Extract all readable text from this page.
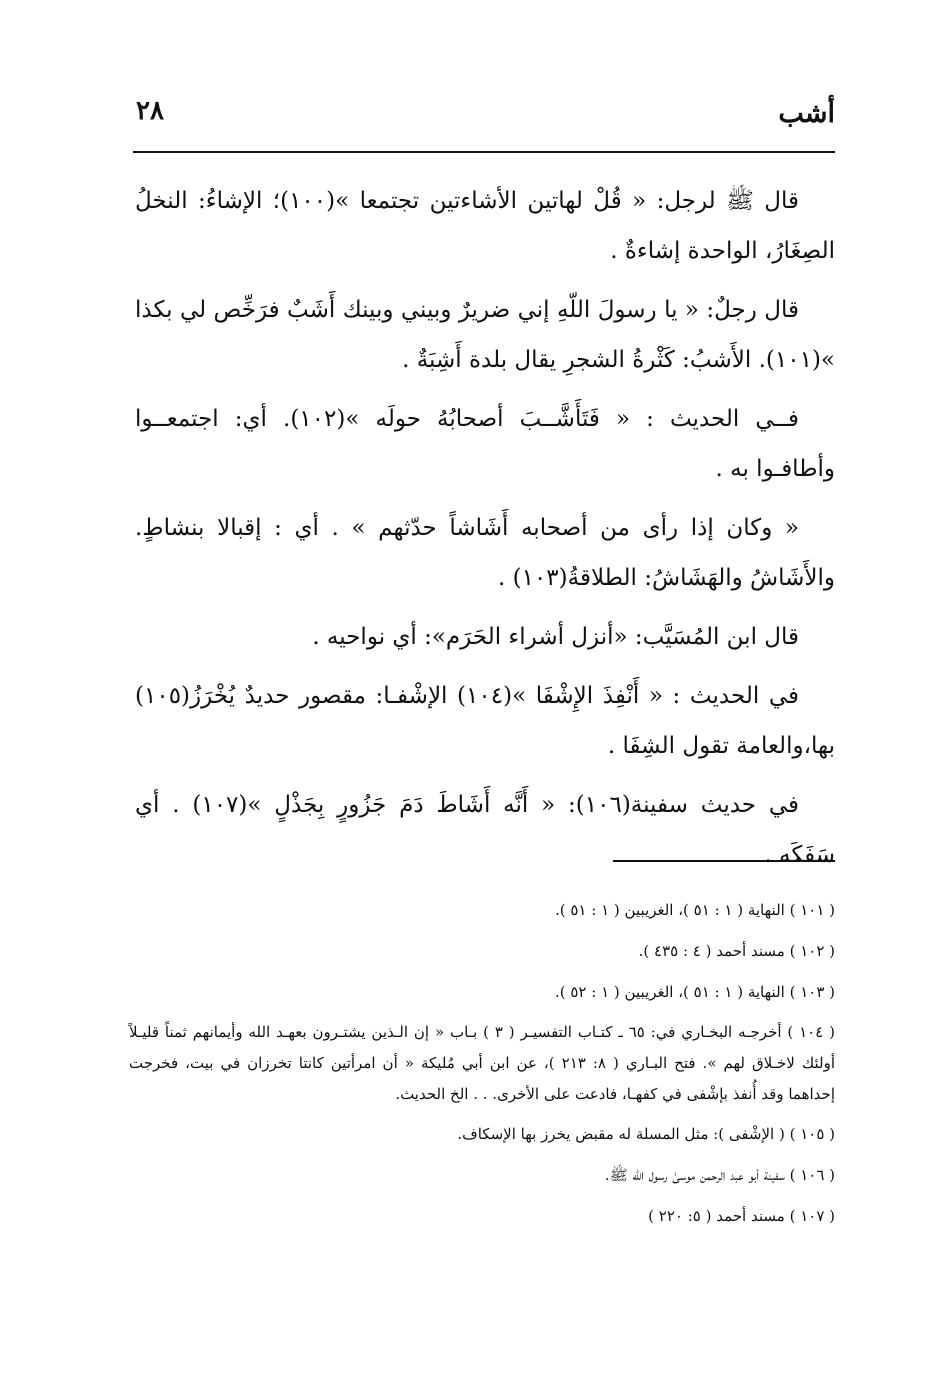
أشب
٢٨

قال ﷺ لرجل: « قُلْ لهاتين الأشاءتين تجتمعا »(١٠٠)؛ الإشاءُ: النخلُ الصِغَارُ، الواحدة إشاءةٌ .

قال رجلٌ: « يا رسولَ اللّهِ إني ضريرٌ وبيني وبينك أَشَبٌ فرَخِّص لي بكذا »(١٠١). الأَشبُ: كَثْرةُ الشجرِ يقال بلدة أَشِبَةٌ .

فــي الحديث : « فَتَأَشَّــبَ أصحابُهُ حولَه »(١٠٢). أي: اجتمعــوا وأطافـوا به .

« وكان إذا رأى من أصحابه أَشَاشاً حدّثهم » . أي : إقبالا بنشاطٍ. والأَشَاشُ والهَشَاشُ: الطلاقةُ(١٠٣) .

قال ابن المُسَيَّب: «أنزل أشراء الحَرَم»: أي نواحيه .

في الحديث : « أَنْفِذَ الإِشْفَا »(١٠٤) الإشْفـا: مقصور حديدٌ يُخْرَزُ(١٠٥) بها،والعامة تقول الشِفَا .

في حديث سفينة(١٠٦): « أَنَّه أَشَاطَ دَمَ جَزُورٍ بِجَذْلٍ »(١٠٧) . أي سَفَكَه .

( ١٠١ ) النهاية ( ١ : ٥١ )، الغريبين ( ١ : ٥١ ).

( ١٠٢ ) مسند أحمد ( ٤ : ٤٣٥ ).

( ١٠٣ ) النهاية ( ١ : ٥١ )، الغريبين ( ١ : ٥٢ ).

( ١٠٤ ) أخرجـه البخـاري في: ٦٥ ـ كتـاب التفسيـر ( ٣ ) بـاب « إن الـذين يشتـرون بعهـد الله وأيمانهم ثمناً قليـلاً أولئك لاخـلاق لهم ». فتح البـاري ( ٨: ٢١٣ )، عن ابن أبي مُليكة « أن امرأتين كانتا تخرزان في بيت، فخرجت إحداهما وقد أُنفذ بإشْفى في كفهـا، فادعت على الأخرى. . . الخ الحديث.

( ١٠٥ ) ( الإشْفى ): مثل المسلة له مقبض يخرز بها الإسكاف.

( ١٠٦ ) سفينة أبو عبد الرحمن موسىٰ رسول الله ﷺ.

( ١٠٧ ) مسند أحمد ( ٥: ٢٢٠ )
